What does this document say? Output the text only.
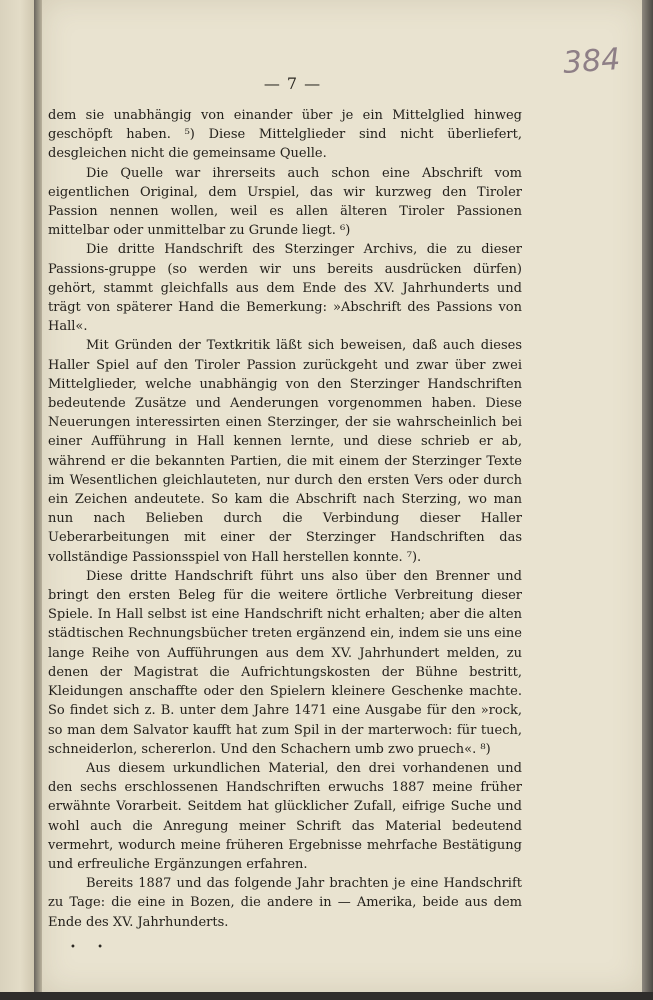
384
— 7 —

dem sie unabhängig von einander über je ein Mittelglied hinweg geschöpft haben. ⁵) Diese Mittelglieder sind nicht überliefert, desgleichen nicht die gemeinsame Quelle.

Die Quelle war ihrerseits auch schon eine Abschrift vom eigentlichen Original, dem Urspiel, das wir kurzweg den Tiroler Passion nennen wollen, weil es allen älteren Tiroler Passionen mittelbar oder unmittelbar zu Grunde liegt. ⁶)

Die dritte Handschrift des Sterzinger Archivs, die zu dieser Passions-gruppe (so werden wir uns bereits ausdrücken dürfen) gehört, stammt gleichfalls aus dem Ende des XV. Jahrhunderts und trägt von späterer Hand die Bemerkung: »Abschrift des Passions von Hall«.

Mit Gründen der Textkritik läßt sich beweisen, daß auch dieses Haller Spiel auf den Tiroler Passion zurückgeht und zwar über zwei Mittelglieder, welche unabhängig von den Sterzinger Handschriften bedeutende Zusätze und Aenderungen vorgenommen haben. Diese Neuerungen interessirten einen Sterzinger, der sie wahrscheinlich bei einer Aufführung in Hall kennen lernte, und diese schrieb er ab, während er die bekannten Partien, die mit einem der Sterzinger Texte im Wesentlichen gleichlauteten, nur durch den ersten Vers oder durch ein Zeichen andeutete. So kam die Abschrift nach Sterzing, wo man nun nach Belieben durch die Verbindung dieser Haller Ueberarbeitungen mit einer der Sterzinger Handschriften das vollständige Passionsspiel von Hall herstellen konnte. ⁷).

Diese dritte Handschrift führt uns also über den Brenner und bringt den ersten Beleg für die weitere örtliche Verbreitung dieser Spiele. In Hall selbst ist eine Handschrift nicht erhalten; aber die alten städtischen Rechnungsbücher treten ergänzend ein, indem sie uns eine lange Reihe von Aufführungen aus dem XV. Jahrhundert melden, zu denen der Magistrat die Aufrichtungskosten der Bühne bestritt, Kleidungen anschaffte oder den Spielern kleinere Geschenke machte. So findet sich z. B. unter dem Jahre 1471 eine Ausgabe für den »rock, so man dem Salvator kaufft hat zum Spil in der marterwoch: für tuech, schneiderlon, schererlon. Und den Schachern umb zwo pruech«. ⁸)

Aus diesem urkundlichen Material, den drei vorhandenen und den sechs erschlossenen Handschriften erwuchs 1887 meine früher erwähnte Vorarbeit. Seitdem hat glücklicher Zufall, eifrige Suche und wohl auch die Anregung meiner Schrift das Material bedeutend vermehrt, wodurch meine früheren Ergebnisse mehrfache Bestätigung und erfreuliche Ergänzungen erfahren.

Bereits 1887 und das folgende Jahr brachten je eine Handschrift zu Tage: die eine in Bozen, die andere in — Amerika, beide aus dem Ende des XV. Jahrhunderts.

• •
